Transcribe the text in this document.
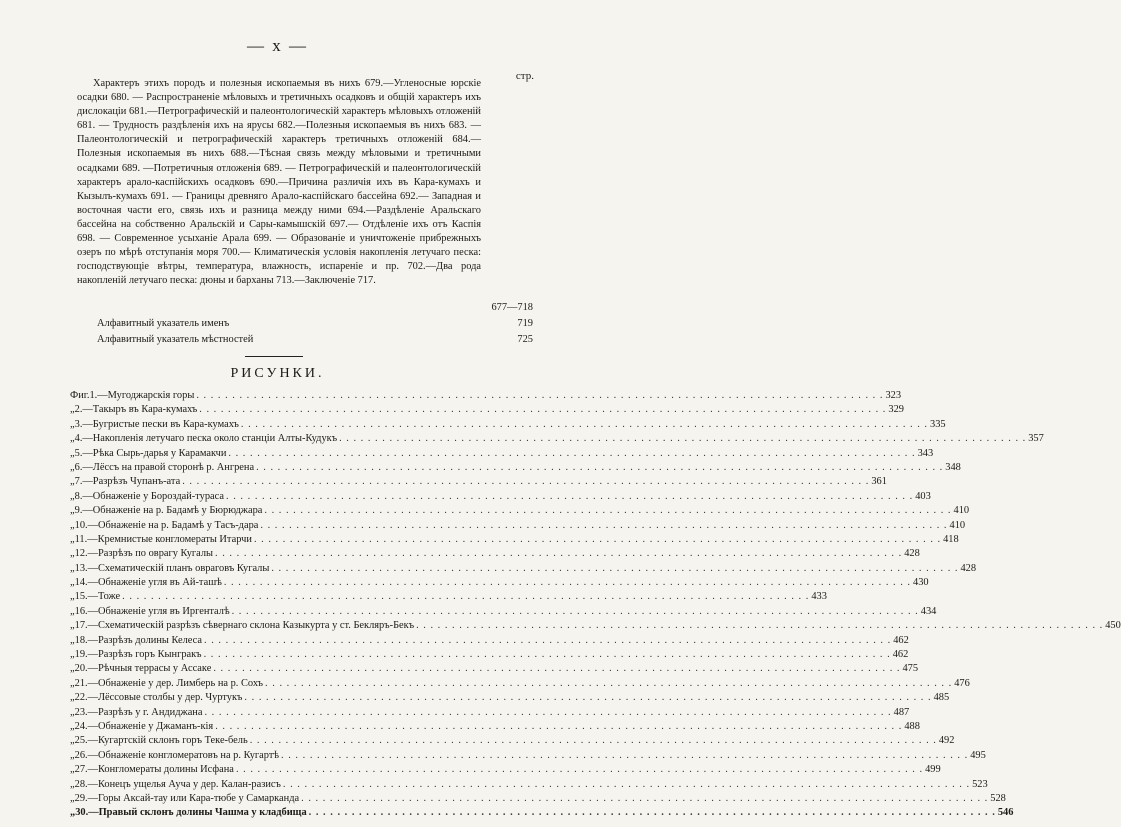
— x —
стр.
Характеръ этихъ породъ и полезныя ископаемыя въ нихъ 679.—Угленосные юрскіе осадки 680. — Распространеніе мѣловыхъ и третичныхъ осадковъ и общій характеръ ихъ дислокаціи 681.—Петрографическій и палеонтологическій характеръ мѣловыхъ отложеній 681. — Трудность раздѣленія ихъ на ярусы 682.—Полезныя ископаемыя въ нихъ 683. — Палеонтологическій и петрографическій характеръ третичныхъ отложеній 684.—Полезныя ископаемыя въ нихъ 688.—Тѣсная связь между мѣловыми и третичными осадками 689. —Потретичныя отложенія 689. — Петрографическій и палеонтологическій характеръ арало-каспійскихъ осадковъ 690.—Причина различія ихъ въ Кара-кумахъ и Кызылъ-кумахъ 691. — Границы древняго Арало-каспійскаго бассейна 692.— Западная и восточная части его, связь ихъ и разница между ними 694.—Раздѣленіе Аральскаго бассейна на собственно Аральскій и Сары-камышскій 697.— Отдѣленіе ихъ отъ Каспія 698. — Современное усыханіе Арала 699. — Образованіе и уничтоженіе прибрежныхъ озеръ по мѣрѣ отступанія моря 700.— Климатическія условія накопленія летучаго песка: господствующіе вѣтры, температура, влажность, испареніе и пр. 702.—Два рода накопленій летучаго песка: дюны и барханы 713.—Заключеніе 717.
677—718
Алфавитный указатель именъ	719
Алфавитный указатель мѣстностей	725
РИСУНКИ.
Фиг. 1.—Мугоджарскія горы . . .	323
„ 2.—Такыръ въ Кара-кумахъ . . .	329
„ 3.—Бугристые пески въ Кара-кумахъ . . .	335
„ 4.—Накопленія летучаго песка около станціи Алты-Кудукъ . . .	357
„ 5.—Рѣка Сырь-дарья у Карамакчи . . .	343
„ 6.—Лёссъ на правой сторонѣ р. Ангрена . . .	348
„ 7.—Разрѣзъ Чупанъ-ата . . .	361
„ 8.—Обнаженіе у Бороздай-тураса . . .	403
„ 9.—Обнаженіе на р. Бадамѣ у Бюрюджара . . .	410
„ 10.—Обнаженіе на р. Бадамѣ у Тасъ-дара . . .	410
„ 11.—Кремнистые конгломераты Итарчи . . .	418
„ 12.—Разрѣзъ по оврагу Кугалы . . .	428
„ 13.—Схематическій планъ овраговъ Кугалы . . .	428
„ 14.—Обнаженіе угля въ Ай-ташѣ . . .	430
„ 15.—Тоже . . .	433
„ 16.—Обнаженіе угля въ Иргенталѣ . . .	434
„ 17.—Схематическій разрѣзъ сѣвернаго склона Казыкурта у ст. Бекляръ-Бекъ . . .	450
„ 18.—Разрѣзъ долины Келеса . . .	462
„ 19.—Разрѣзъ горъ Кынгракъ . . .	462
„ 20.—Рѣчныя террасы у Ассаке . . .	475
„ 21.—Обнаженіе у дер. Лимберь на р. Сохъ . . .	476
„ 22.—Лёссовые столбы у дер. Чуртукъ . . .	485
„ 23.—Разрѣзъ у г. Андиджана . . .	487
„ 24.—Обнаженіе у Джаманъ-кія . . .	488
„ 25.—Кугартскій склонъ горъ Теке-бель . . .	492
„ 26.—Обнаженіе конгломератовъ на р. Кугартѣ . . .	495
„ 27.—Конгломераты долины Исфана . . .	499
„ 28.—Конецъ ущелья Ауча у дер. Калан-разисъ . . .	523
„ 29.—Горы Аксай-тау или Кара-тюбе у Самарканда . . .	528
„ 30.—Правый склонъ долины Чашма у кладбища . . .	546
